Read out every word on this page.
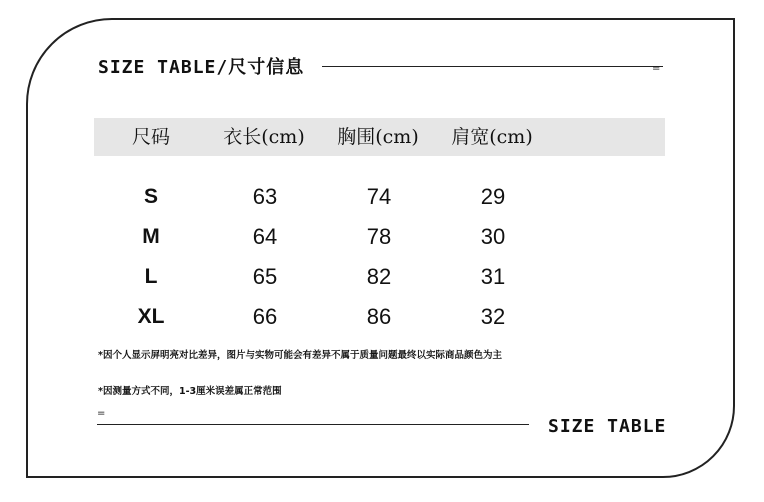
SIZE TABLE/尺寸信息	=
尺码	衣长(cm)	胸围(cm)	肩宽(cm)
S	63	74	29
M	64	78	30
L	65	82	31
XL	66	86	32
*因个人显示屏明亮对比差异，图片与实物可能会有差异不属于质量问题最终以实际商品颜色为主
*因测量方式不同，1-3厘米误差属正常范围
=
SIZE TABLE
